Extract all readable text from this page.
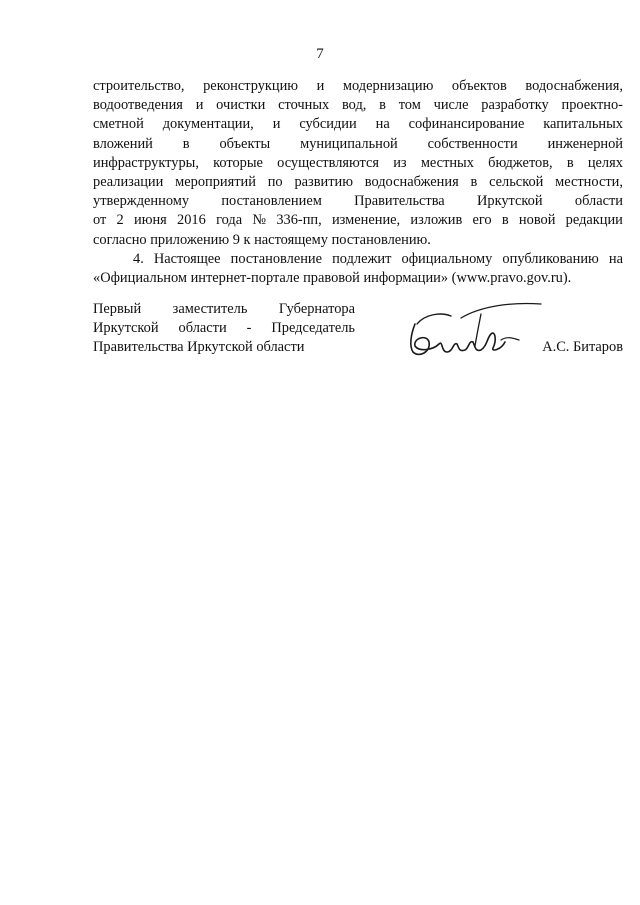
7
строительство, реконструкцию и модернизацию объектов водоснабжения,
водоотведения и очистки сточных вод, в том числе разработку проектно-
сметной документации, и субсидии на софинансирование капитальных
вложений в объекты муниципальной собственности инженерной
инфраструктуры, которые осуществляются из местных бюджетов, в целях
реализации мероприятий по развитию водоснабжения в сельской местности,
утвержденному постановлением Правительства Иркутской области
от 2 июня 2016 года № 336-пп, изменение, изложив его в новой редакции
согласно приложению 9 к настоящему постановлению.
4. Настоящее постановление подлежит официальному опубликованию на
«Официальном интернет-портале правовой информации» (www.pravo.gov.ru).
Первый заместитель Губернатора
Иркутской области - Председатель
Правительства Иркутской области	А.С. Битаров
